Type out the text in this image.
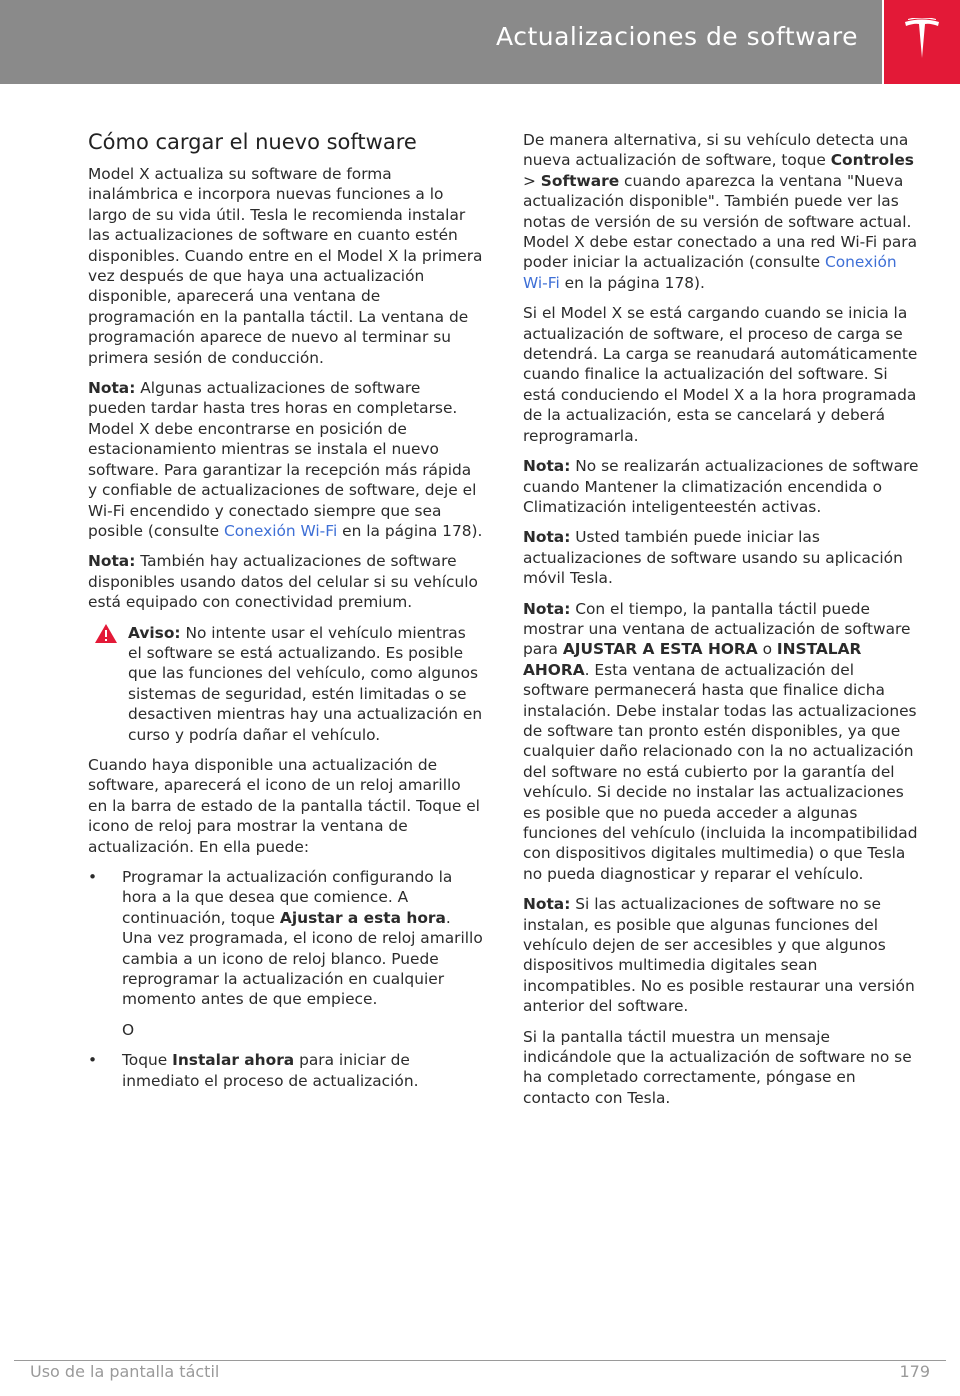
Actualizaciones de software
Cómo cargar el nuevo software

Model X actualiza su software de forma inalámbrica e incorpora nuevas funciones a lo largo de su vida útil. Tesla le recomienda instalar las actualizaciones de software en cuanto estén disponibles. Cuando entre en el Model X la primera vez después de que haya una actualización disponible, aparecerá una ventana de programación en la pantalla táctil. La ventana de programación aparece de nuevo al terminar su primera sesión de conducción.

Nota: Algunas actualizaciones de software pueden tardar hasta tres horas en completarse. Model X debe encontrarse en posición de estacionamiento mientras se instala el nuevo software. Para garantizar la recepción más rápida y confiable de actualizaciones de software, deje el Wi-Fi encendido y conectado siempre que sea posible (consulte Conexión Wi-Fi en la página 178).

Nota: También hay actualizaciones de software disponibles usando datos del celular si su vehículo está equipado con conectividad premium.

Aviso: No intente usar el vehículo mientras el software se está actualizando. Es posible que las funciones del vehículo, como algunos sistemas de seguridad, estén limitadas o se desactiven mientras hay una actualización en curso y podría dañar el vehículo.

Cuando haya disponible una actualización de software, aparecerá el icono de un reloj amarillo en la barra de estado de la pantalla táctil. Toque el icono de reloj para mostrar la ventana de actualización. En ella puede:

• Programar la actualización configurando la hora a la que desea que comience. A continuación, toque Ajustar a esta hora. Una vez programada, el icono de reloj amarillo cambia a un icono de reloj blanco. Puede reprogramar la actualización en cualquier momento antes de que empiece.

O

• Toque Instalar ahora para iniciar de inmediato el proceso de actualización.

De manera alternativa, si su vehículo detecta una nueva actualización de software, toque Controles > Software cuando aparezca la ventana "Nueva actualización disponible". También puede ver las notas de versión de su versión de software actual. Model X debe estar conectado a una red Wi-Fi para poder iniciar la actualización (consulte Conexión Wi-Fi en la página 178).

Si el Model X se está cargando cuando se inicia la actualización de software, el proceso de carga se detendrá. La carga se reanudará automáticamente cuando finalice la actualización del software. Si está conduciendo el Model X a la hora programada de la actualización, esta se cancelará y deberá reprogramarla.

Nota: No se realizarán actualizaciones de software cuando Mantener la climatización encendida o Climatización inteligenteestén activas.

Nota: Usted también puede iniciar las actualizaciones de software usando su aplicación móvil Tesla.

Nota: Con el tiempo, la pantalla táctil puede mostrar una ventana de actualización de software para AJUSTAR A ESTA HORA o INSTALAR AHORA. Esta ventana de actualización del software permanecerá hasta que finalice dicha instalación. Debe instalar todas las actualizaciones de software tan pronto estén disponibles, ya que cualquier daño relacionado con la no actualización del software no está cubierto por la garantía del vehículo. Si decide no instalar las actualizaciones es posible que no pueda acceder a algunas funciones del vehículo (incluida la incompatibilidad con dispositivos digitales multimedia) o que Tesla no pueda diagnosticar y reparar el vehículo.

Nota: Si las actualizaciones de software no se instalan, es posible que algunas funciones del vehículo dejen de ser accesibles y que algunos dispositivos multimedia digitales sean incompatibles. No es posible restaurar una versión anterior del software.

Si la pantalla táctil muestra un mensaje indicándole que la actualización de software no se ha completado correctamente, póngase en contacto con Tesla.

Uso de la pantalla táctil	179
